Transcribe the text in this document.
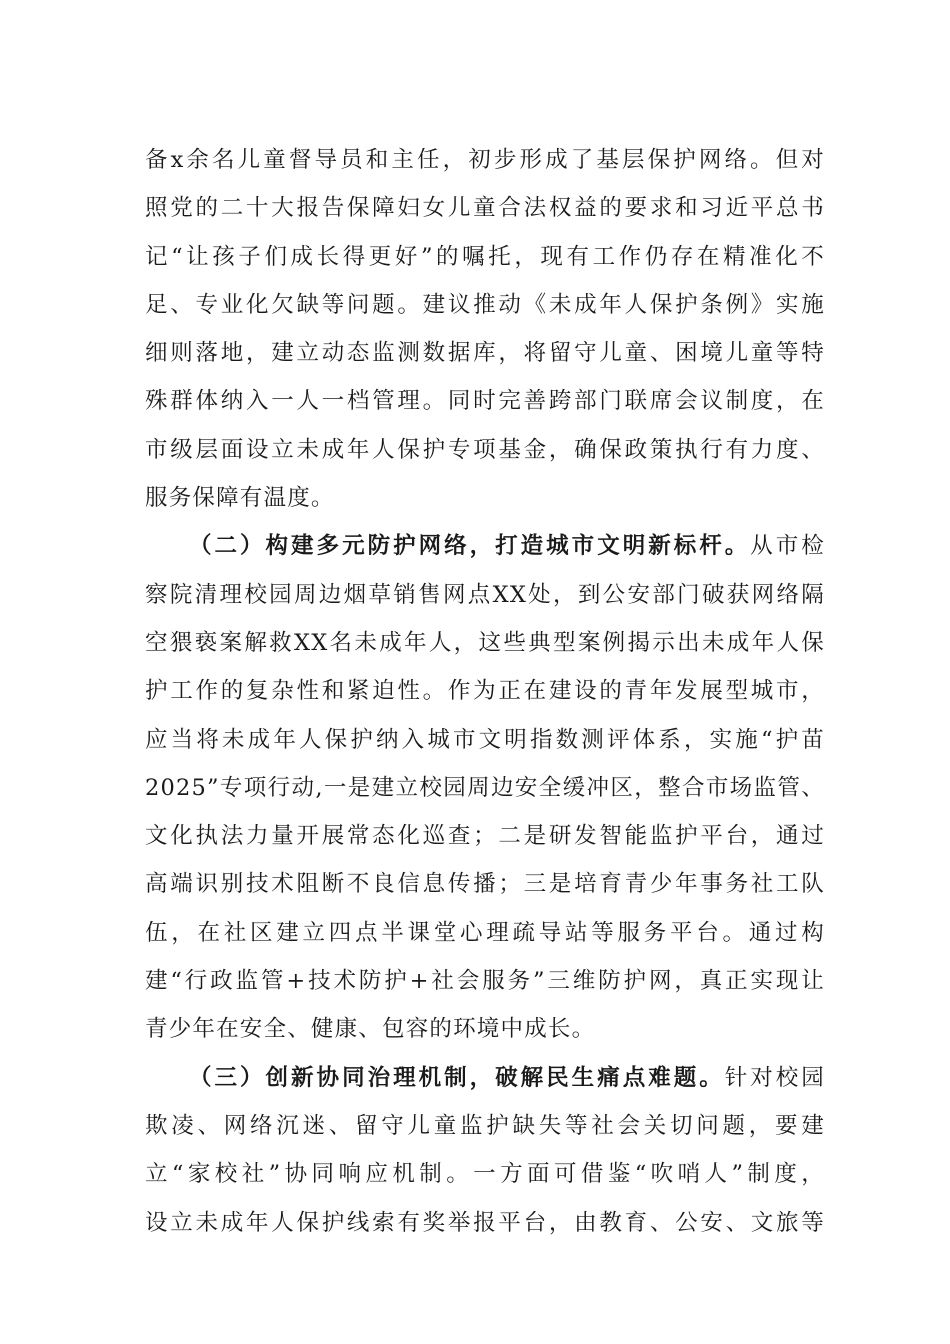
备x余名儿童督导员和主任，初步形成了基层保护网络。但对
照党的二十大报告保障妇女儿童合法权益的要求和习近平总书
记“让孩子们成长得更好”的嘱托，现有工作仍存在精准化不
足、专业化欠缺等问题。建议推动《未成年人保护条例》实施
细则落地，建立动态监测数据库，将留守儿童、困境儿童等特
殊群体纳入一人一档管理。同时完善跨部门联席会议制度，在
市级层面设立未成年人保护专项基金，确保政策执行有力度、
服务保障有温度。
（二）构建多元防护网络，打造城市文明新标杆。从市检
察院清理校园周边烟草销售网点XX处，到公安部门破获网络隔
空猥亵案解救XX名未成年人，这些典型案例揭示出未成年人保
护工作的复杂性和紧迫性。作为正在建设的青年发展型城市，
应当将未成年人保护纳入城市文明指数测评体系，实施“护苗
2025”专项行动,一是建立校园周边安全缓冲区，整合市场监管、
文化执法力量开展常态化巡查；二是研发智能监护平台，通过
高端识别技术阻断不良信息传播；三是培育青少年事务社工队
伍，在社区建立四点半课堂心理疏导站等服务平台。通过构
建“行政监管+技术防护+社会服务”三维防护网，真正实现让
青少年在安全、健康、包容的环境中成长。
（三）创新协同治理机制，破解民生痛点难题。针对校园
欺凌、网络沉迷、留守儿童监护缺失等社会关切问题，要建
立“家校社”协同响应机制。一方面可借鉴“吹哨人”制度，
设立未成年人保护线索有奖举报平台，由教育、公安、文旅等
